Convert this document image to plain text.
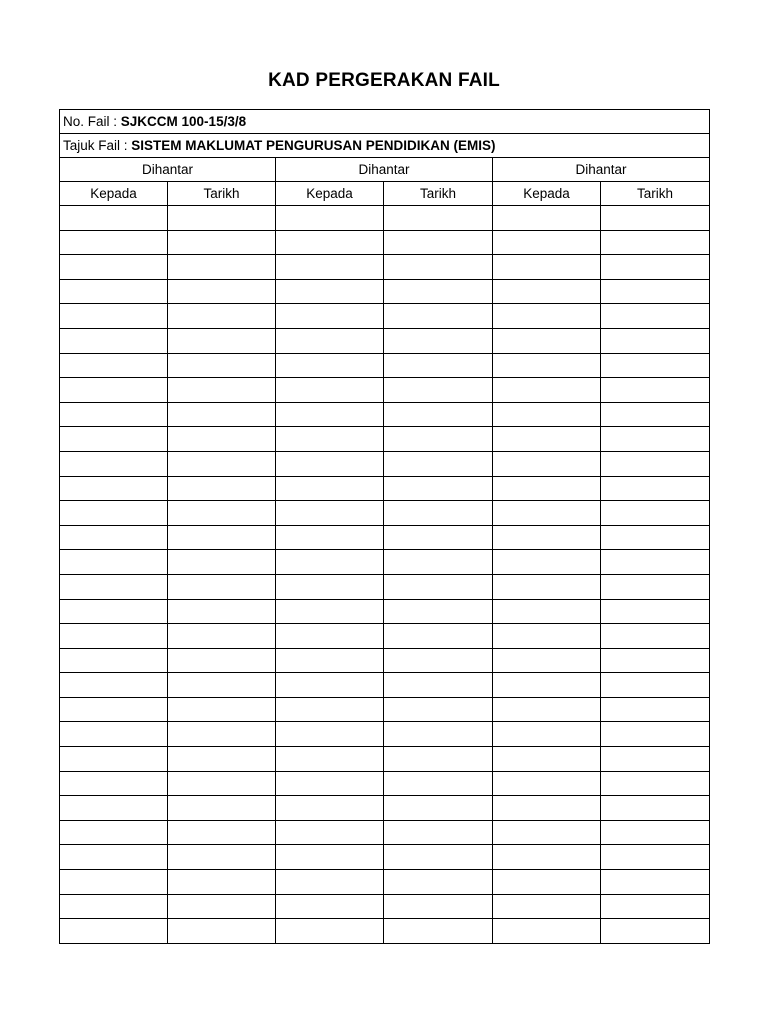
KAD PERGERAKAN FAIL
No. Fail : SJKCCM 100-15/3/8					
Tajuk Fail : SISTEM MAKLUMAT PENGURUSAN PENDIDIKAN (EMIS)					
Dihantar		Dihantar		Dihantar	
Kepada	Tarikh	Kepada	Tarikh	Kepada	Tarikh
